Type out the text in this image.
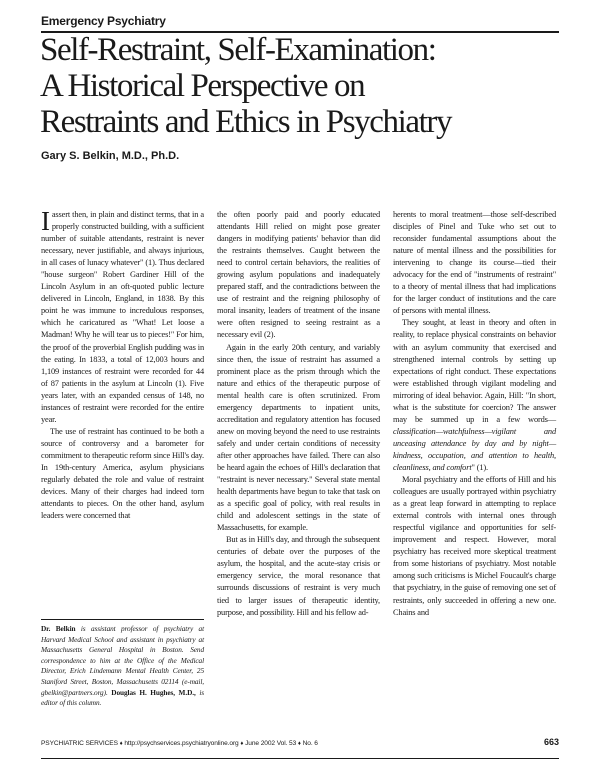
Emergency Psychiatry
Self-Restraint, Self-Examination:
A Historical Perspective on
Restraints and Ethics in Psychiatry
Gary S. Belkin, M.D., Ph.D.

Iassert then, in plain and distinct terms, that in a properly constructed building, with a sufficient number of suitable attendants, restraint is never necessary, never justifiable, and always injurious, in all cases of lunacy whatever" (1). Thus declared "house surgeon" Robert Gardiner Hill of the Lincoln Asylum in an oft-quoted public lecture delivered in Lincoln, England, in 1838. By this point he was immune to incredulous responses, which he caricatured as "What! Let loose a Madman! Why he will tear us to pieces!" For him, the proof of the proverbial English pudding was in the eating. In 1833, a total of 12,003 hours and 1,109 instances of restraint were recorded for 44 of 87 patients in the asylum at Lincoln (1). Five years later, with an expanded census of 148, no instances of restraint were recorded for the entire year.

The use of restraint has continued to be both a source of controversy and a barometer for commitment to therapeutic reform since Hill's day. In 19th-century America, asylum physicians regularly debated the role and value of restraint devices. Many of their charges had indeed torn attendants to pieces. On the other hand, asylum leaders were concerned that

Dr. Belkin is assistant professor of psychiatry at Harvard Medical School and assistant in psychiatry at Massachusetts General Hospital in Boston. Send correspondence to him at the Office of the Medical Director, Erich Lindemann Mental Health Center, 25 Staniford Street, Boston, Massachusetts 02114 (e-mail, gbelkin@partners.org). Douglas H. Hughes, M.D., is editor of this column.

the often poorly paid and poorly educated attendants Hill relied on might pose greater dangers in modifying patients' behavior than did the restraints themselves. Caught between the need to control certain behaviors, the realities of growing asylum populations and inadequately prepared staff, and the contradictions between the use of restraint and the reigning philosophy of moral insanity, leaders of treatment of the insane were often resigned to seeing restraint as a necessary evil (2).

Again in the early 20th century, and variably since then, the issue of restraint has assumed a prominent place as the prism through which the nature and ethics of the therapeutic purpose of mental health care is often scrutinized. From emergency departments to inpatient units, accreditation and regulatory attention has focused anew on moving beyond the need to use restraints safely and under certain conditions of necessity after other approaches have failed. There can also be heard again the echoes of Hill's declaration that "restraint is never necessary." Several state mental health departments have begun to take that task on as a specific goal of policy, with real results in child and adolescent settings in the state of Massachusetts, for example.

But as in Hill's day, and through the subsequent centuries of debate over the purposes of the asylum, the hospital, and the acute-stay crisis or emergency service, the moral resonance that surrounds discussions of restraint is very much tied to larger issues of therapeutic identity, purpose, and possibility. Hill and his fellow ad-

herents to moral treatment—those self-described disciples of Pinel and Tuke who set out to reconsider fundamental assumptions about the nature of mental illness and the possibilities for intervening to change its course—tied their advocacy for the end of "instruments of restraint" to a theory of mental illness that had implications for the larger conduct of institutions and the care of persons with mental illness.

They sought, at least in theory and often in reality, to replace physical constraints on behavior with an asylum community that exercised and strengthened internal controls by setting up expectations of right conduct. These expectations were established through vigilant modeling and mirroring of ideal behavior. Again, Hill: "In short, what is the substitute for coercion? The answer may be summed up in a few words—classification—watchfulness—vigilant and unceasing attendance by day and by night—kindness, occupation, and attention to health, cleanliness, and comfort" (1).

Moral psychiatry and the efforts of Hill and his colleagues are usually portrayed within psychiatry as a great leap forward in attempting to replace external controls with internal ones through respectful vigilance and opportunities for self-improvement and respect. However, moral psychiatry has received more skeptical treatment from some historians of psychiatry. Most notable among such criticisms is Michel Foucault's charge that psychiatry, in the guise of removing one set of restraints, only succeeded in offering a new one. Chains and

PSYCHIATRIC SERVICES ♦ http://psychservices.psychiatryonline.org ♦ June 2002 Vol. 53 ♦ No. 6	663
